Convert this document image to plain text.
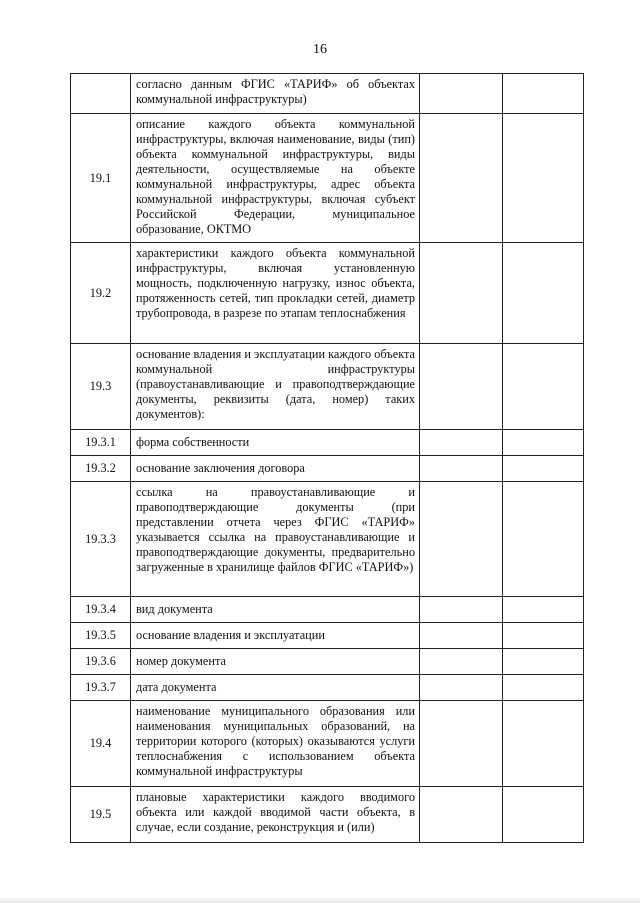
16
	согласно данным ФГИС «ТАРИФ» об объектах коммунальной инфраструктуры)		
19.1	описание каждого объекта коммунальной инфраструктуры, включая наименование, виды (тип) объекта коммунальной инфраструктуры, виды деятельности, осуществляемые на объекте коммунальной инфраструктуры, адрес объекта коммунальной инфраструктуры, включая субъект Российской Федерации, муниципальное образование, ОКТМО		
19.2	характеристики каждого объекта коммунальной инфраструктуры, включая установленную мощность, подключенную нагрузку, износ объекта, протяженность сетей, тип прокладки сетей, диаметр трубопровода, в разрезе по этапам теплоснабжения		
19.3	основание владения и эксплуатации каждого объекта коммунальной инфраструктуры (правоустанавливающие и правоподтверждающие документы, реквизиты (дата, номер) таких документов):		
19.3.1	форма собственности		
19.3.2	основание заключения договора		
19.3.3	ссылка на правоустанавливающие и правоподтверждающие документы (при представлении отчета через ФГИС «ТАРИФ» указывается ссылка на правоустанавливающие и правоподтверждающие документы, предварительно загруженные в хранилище файлов ФГИС «ТАРИФ»)		
19.3.4	вид документа		
19.3.5	основание владения и эксплуатации		
19.3.6	номер документа		
19.3.7	дата документа		
19.4	наименование муниципального образования или наименования муниципальных образований, на территории которого (которых) оказываются услуги теплоснабжения с использованием объекта коммунальной инфраструктуры		
19.5	плановые характеристики каждого вводимого объекта или каждой вводимой части объекта, в случае, если создание, реконструкция и (или)		
